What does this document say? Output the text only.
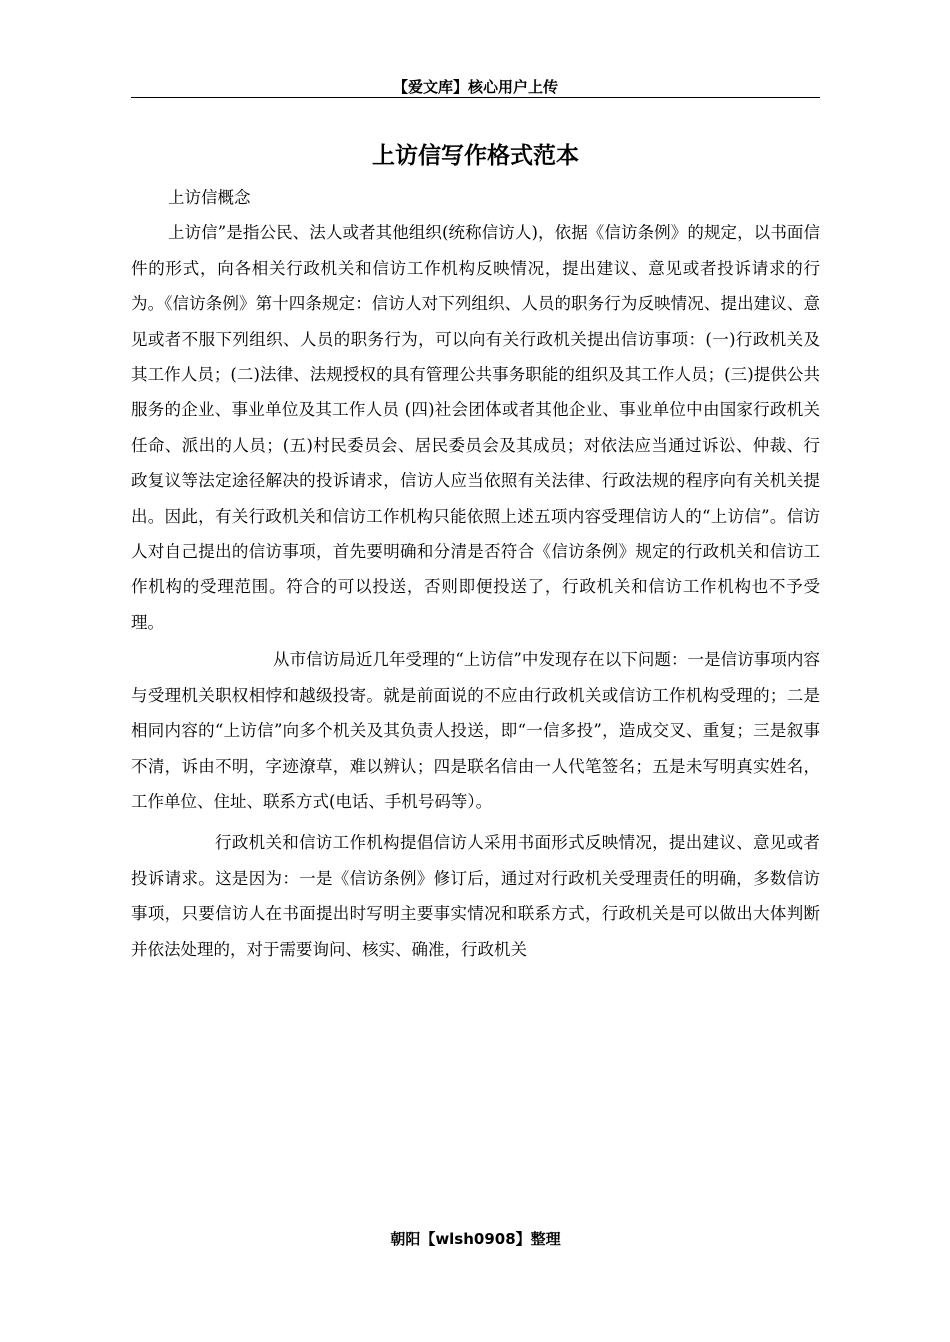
【爱文库】核心用户上传
上访信写作格式范本

上访信概念

上访信”是指公民、法人或者其他组织(统称信访人)，依据《信访条例》的规定，以书面信件的形式，向各相关行政机关和信访工作机构反映情况，提出建议、意见或者投诉请求的行为。《信访条例》第十四条规定：信访人对下列组织、人员的职务行为反映情况、提出建议、意见或者不服下列组织、人员的职务行为，可以向有关行政机关提出信访事项：(一)行政机关及其工作人员；(二)法律、法规授权的具有管理公共事务职能的组织及其工作人员；(三)提供公共服务的企业、事业单位及其工作人员 (四)社会团体或者其他企业、事业单位中由国家行政机关任命、派出的人员；(五)村民委员会、居民委员会及其成员；对依法应当通过诉讼、仲裁、行政复议等法定途径解决的投诉请求，信访人应当依照有关法律、行政法规的程序向有关机关提出。因此，有关行政机关和信访工作机构只能依照上述五项内容受理信访人的“上访信”。信访人对自己提出的信访事项，首先要明确和分清是否符合《信访条例》规定的行政机关和信访工作机构的受理范围。符合的可以投送，否则即便投送了，行政机关和信访工作机构也不予受理。

从市信访局近几年受理的“上访信”中发现存在以下问题：一是信访事项内容与受理机关职权相悖和越级投寄。就是前面说的不应由行政机关或信访工作机构受理的；二是相同内容的“上访信”向多个机关及其负责人投送，即“一信多投”，造成交叉、重复；三是叙事不清，诉由不明，字迹潦草，难以辨认；四是联名信由一人代笔签名；五是未写明真实姓名，工作单位、住址、联系方式(电话、手机号码等）。

行政机关和信访工作机构提倡信访人采用书面形式反映情况，提出建议、意见或者投诉请求。这是因为：一是《信访条例》修订后，通过对行政机关受理责任的明确，多数信访事项，只要信访人在书面提出时写明主要事实情况和联系方式，行政机关是可以做出大体判断并依法处理的，对于需要询问、核实、确准，行政机关

朝阳【wlsh0908】整理
